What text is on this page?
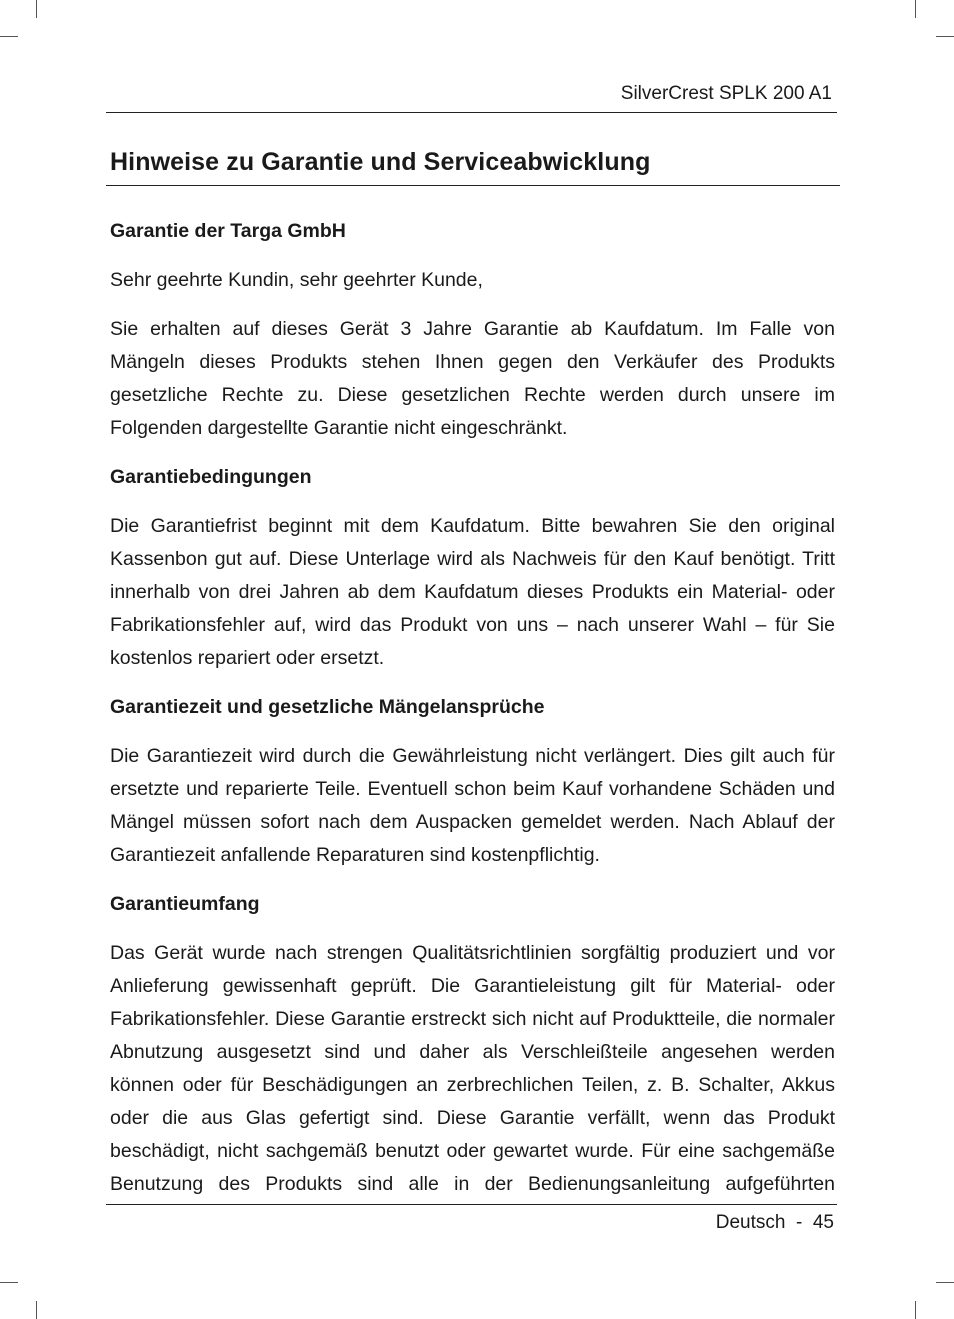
SilverCrest SPLK 200 A1
Hinweise zu Garantie und Serviceabwicklung
Garantie der Targa GmbH

Sehr geehrte Kundin, sehr geehrter Kunde,

Sie erhalten auf dieses Gerät 3 Jahre Garantie ab Kaufdatum. Im Falle von Mängeln dieses Produkts stehen Ihnen gegen den Verkäufer des Produkts gesetzliche Rechte zu. Diese gesetzlichen Rechte werden durch unsere im Folgenden dargestellte Garantie nicht eingeschränkt.

Garantiebedingungen

Die Garantiefrist beginnt mit dem Kaufdatum. Bitte bewahren Sie den original Kassenbon gut auf. Diese Unterlage wird als Nachweis für den Kauf benötigt. Tritt innerhalb von drei Jahren ab dem Kaufdatum dieses Produkts ein Material- oder Fabrikationsfehler auf, wird das Produkt von uns – nach unserer Wahl – für Sie kostenlos repariert oder ersetzt.

Garantiezeit und gesetzliche Mängelansprüche

Die Garantiezeit wird durch die Gewährleistung nicht verlängert. Dies gilt auch für ersetzte und reparierte Teile. Eventuell schon beim Kauf vorhandene Schäden und Mängel müssen sofort nach dem Auspacken gemeldet werden. Nach Ablauf der Garantiezeit anfallende Reparaturen sind kostenpflichtig.

Garantieumfang

Das Gerät wurde nach strengen Qualitätsrichtlinien sorgfältig produziert und vor Anlieferung gewissenhaft geprüft. Die Garantieleistung gilt für Material- oder Fabrikationsfehler. Diese Garantie erstreckt sich nicht auf Produktteile, die normaler Abnutzung ausgesetzt sind und daher als Verschleißteile angesehen werden können oder für Beschädigungen an zerbrechlichen Teilen, z. B. Schalter, Akkus oder die aus Glas gefertigt sind. Diese Garantie verfällt, wenn das Produkt beschädigt, nicht sachgemäß benutzt oder gewartet wurde. Für eine sachgemäße Benutzung des Produkts sind alle in der Bedienungsanleitung aufgeführten

Deutsch  -  45
